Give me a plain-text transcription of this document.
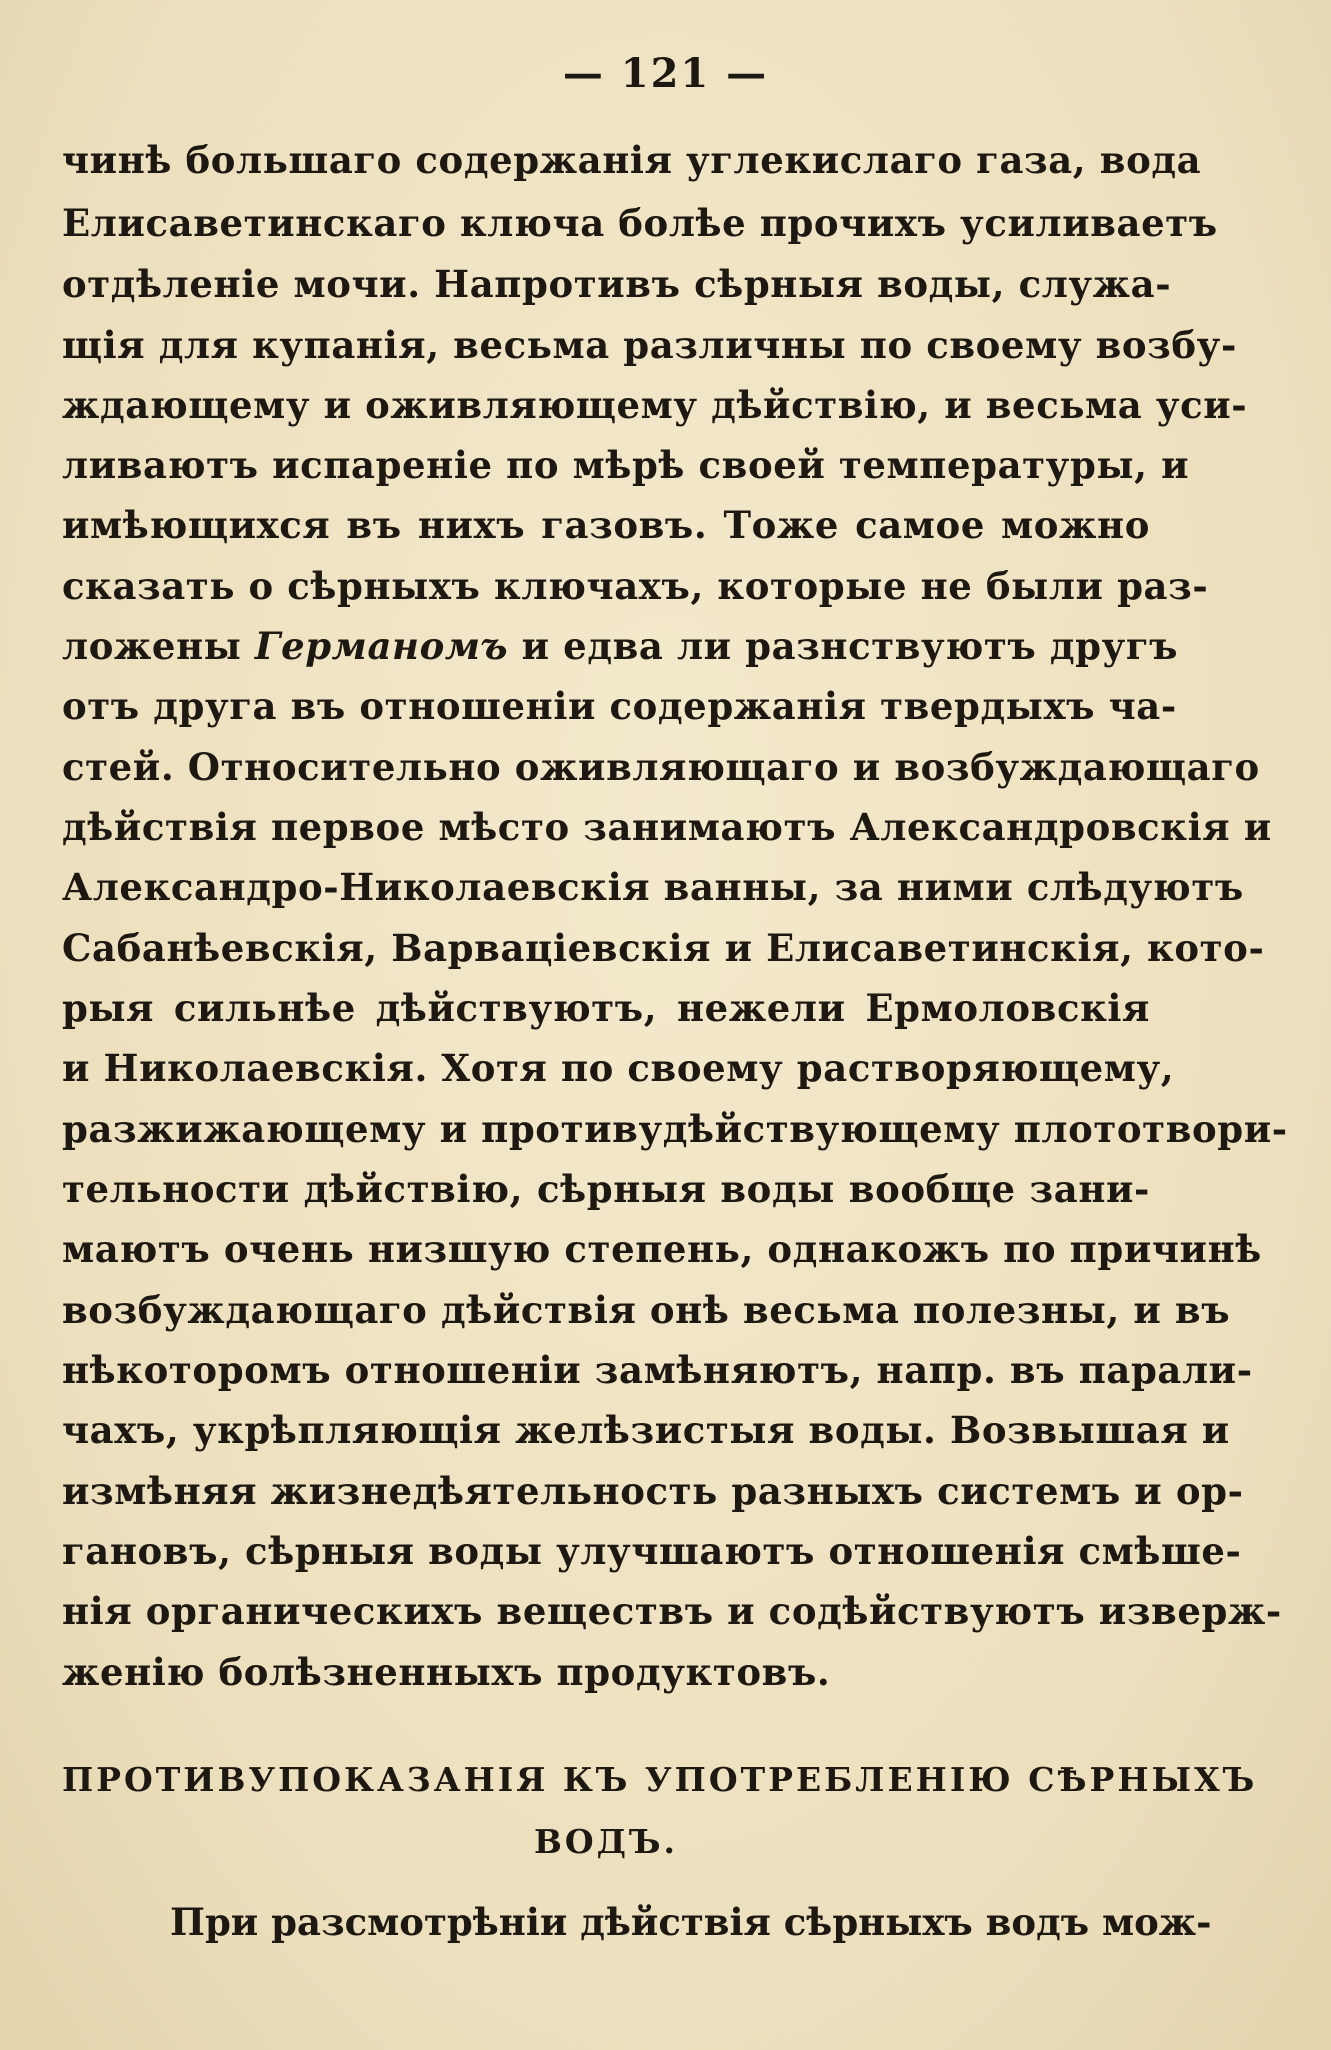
— 121 —
чинѣ большаго содержанія углекислаго газа, вода
Елисаветинскаго ключа болѣе прочихъ усиливаетъ
отдѣленіе мочи. Напротивъ сѣрныя воды, служа-
щія для купанія, весьма различны по своему возбу-
ждающему и оживляющему дѣйствію, и весьма уси-
ливаютъ испареніе по мѣрѣ своей температуры, и
имѣющихся въ нихъ газовъ. Тоже самое можно
сказать о сѣрныхъ ключахъ, которые не были раз-
ложены Германомъ и едва ли разнствуютъ другъ
отъ друга въ отношеніи содержанія твердыхъ ча-
стей. Относительно оживляющаго и возбуждающаго
дѣйствія первое мѣсто занимаютъ Александровскія и
Александро-Николаевскія ванны, за ними слѣдуютъ
Сабанѣевскія, Варваціевскія и Елисаветинскія, кото-
рыя сильнѣе дѣйствуютъ, нежели Ермоловскія
и Николаевскія. Хотя по своему растворяющему,
разжижающему и противудѣйствующему плототвори-
тельности дѣйствію, сѣрныя воды вообще зани-
маютъ очень низшую степень, однакожъ по причинѣ
возбуждающаго дѣйствія онѣ весьма полезны, и въ
нѣкоторомъ отношеніи замѣняютъ, напр. въ парали-
чахъ, укрѣпляющія желѣзистыя воды. Возвышая и
измѣняя жизнедѣятельность разныхъ системъ и ор-
гановъ, сѣрныя воды улучшаютъ отношенія смѣше-
нія органическихъ веществъ и содѣйствуютъ изверж-
женію болѣзненныхъ продуктовъ.
ПРОТИВУПОКАЗАНІЯ КЪ УПОТРЕБЛЕНІЮ СѢРНЫХЪ
ВОДЪ.
При разсмотрѣніи дѣйствія сѣрныхъ водъ мож-
